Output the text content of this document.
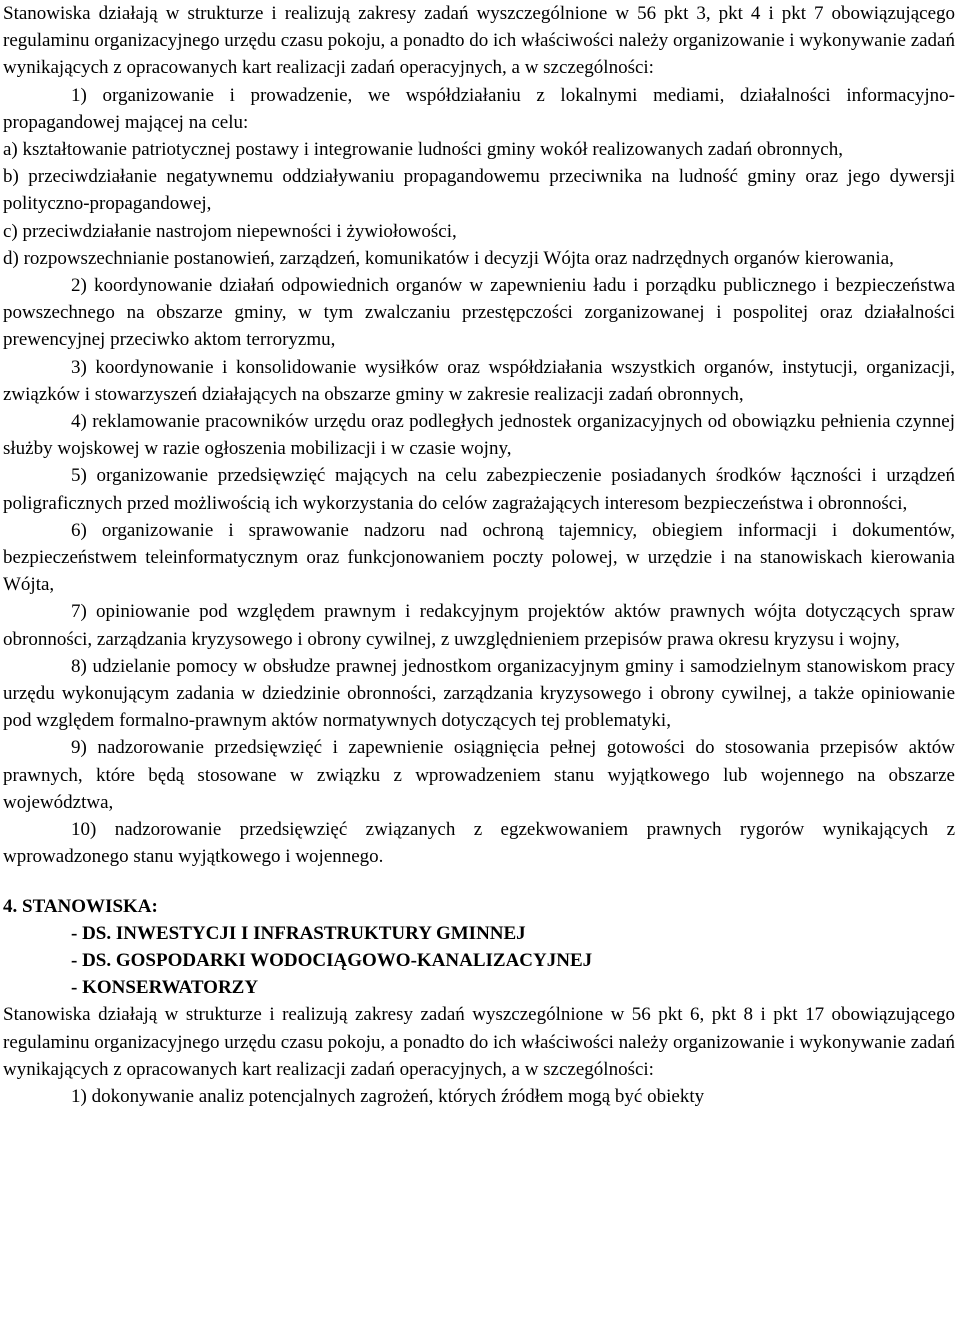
Stanowiska działają w strukturze i realizują zakresy zadań wyszczególnione w 56 pkt 3, pkt 4 i pkt 7 obowiązującego regulaminu organizacyjnego urzędu czasu pokoju, a ponadto do ich właściwości należy organizowanie i wykonywanie zadań wynikających z opracowanych kart realizacji zadań operacyjnych, a w szczególności:

1) organizowanie i prowadzenie, we współdziałaniu z lokalnymi mediami, działalności informacyjno-propagandowej mającej na celu:

a) kształtowanie patriotycznej postawy i integrowanie ludności gminy wokół realizowanych zadań obronnych,

b) przeciwdziałanie negatywnemu oddziaływaniu propagandowemu przeciwnika na ludność gminy oraz jego dywersji polityczno-propagandowej,

c) przeciwdziałanie nastrojom niepewności i żywiołowości,

d) rozpowszechnianie postanowień, zarządzeń, komunikatów i decyzji Wójta oraz nadrzędnych organów kierowania,

2) koordynowanie działań odpowiednich organów w zapewnieniu ładu i porządku publicznego i bezpieczeństwa powszechnego na obszarze gminy, w tym zwalczaniu przestępczości zorganizowanej i pospolitej oraz działalności prewencyjnej przeciwko aktom terroryzmu,

3) koordynowanie i konsolidowanie wysiłków oraz współdziałania wszystkich organów, instytucji, organizacji, związków i stowarzyszeń działających na obszarze gminy w zakresie realizacji zadań obronnych,

4) reklamowanie pracowników urzędu oraz podległych jednostek organizacyjnych od obowiązku pełnienia czynnej służby wojskowej w razie ogłoszenia mobilizacji i w czasie wojny,

5) organizowanie przedsięwzięć mających na celu zabezpieczenie posiadanych środków łączności i urządzeń poligraficznych przed możliwością ich wykorzystania do celów zagrażających interesom bezpieczeństwa i obronności,

6) organizowanie i sprawowanie nadzoru nad ochroną tajemnicy, obiegiem informacji i dokumentów, bezpieczeństwem teleinformatycznym oraz funkcjonowaniem poczty polowej, w urzędzie i na stanowiskach kierowania Wójta,

7) opiniowanie pod względem prawnym i redakcyjnym projektów aktów prawnych wójta dotyczących spraw obronności, zarządzania kryzysowego i obrony cywilnej, z uwzględnieniem przepisów prawa okresu kryzysu i wojny,

8) udzielanie pomocy w obsłudze prawnej jednostkom organizacyjnym gminy i samodzielnym stanowiskom pracy urzędu wykonującym zadania w dziedzinie obronności, zarządzania kryzysowego i obrony cywilnej, a także opiniowanie pod względem formalno-prawnym aktów normatywnych dotyczących tej problematyki,

9) nadzorowanie przedsięwzięć i zapewnienie osiągnięcia pełnej gotowości do stosowania przepisów aktów prawnych, które będą stosowane w związku z wprowadzeniem stanu wyjątkowego lub wojennego na obszarze województwa,

10) nadzorowanie przedsięwzięć związanych z egzekwowaniem prawnych rygorów wynikających z wprowadzonego stanu wyjątkowego i wojennego.

4. STANOWISKA:

- DS. INWESTYCJI I INFRASTRUKTURY GMINNEJ
- DS. GOSPODARKI WODOCIĄGOWO-KANALIZACYJNEJ
- KONSERWATORZY

Stanowiska działają w strukturze i realizują zakresy zadań wyszczególnione w 56 pkt 6, pkt 8 i pkt 17 obowiązującego regulaminu organizacyjnego urzędu czasu pokoju, a ponadto do ich właściwości należy organizowanie i wykonywanie zadań wynikających z opracowanych kart realizacji zadań operacyjnych, a w szczególności:

1) dokonywanie analiz potencjalnych zagrożeń, których źródłem mogą być obiekty
